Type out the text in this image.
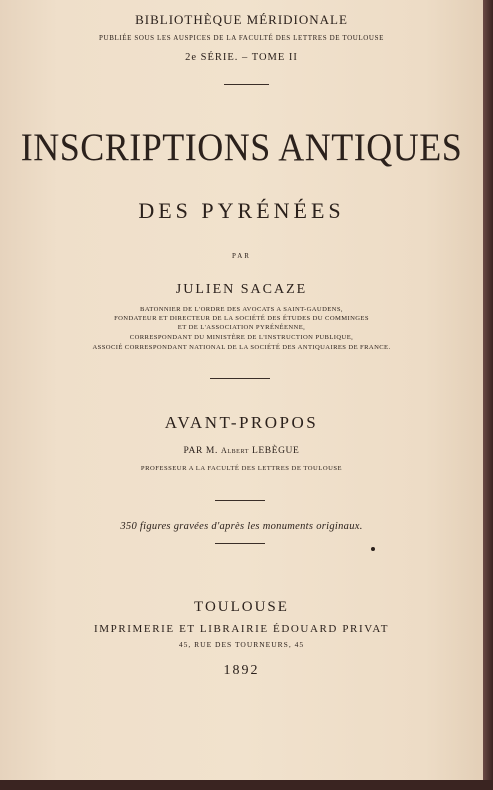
BIBLIOTHÈQUE MÉRIDIONALE
PUBLIÉE SOUS LES AUSPICES DE LA FACULTÉ DES LETTRES DE TOULOUSE
2e SÉRIE. – TOME II
INSCRIPTIONS ANTIQUES
DES PYRÉNÉES
PAR
JULIEN SACAZE
BATONNIER DE L'ORDRE DES AVOCATS A SAINT-GAUDENS,
FONDATEUR ET DIRECTEUR DE LA SOCIÉTÉ DES ÉTUDES DU COMMINGES
ET DE L'ASSOCIATION PYRÉNÉENNE,
CORRESPONDANT DU MINISTÈRE DE L'INSTRUCTION PUBLIQUE,
ASSOCIÉ CORRESPONDANT NATIONAL DE LA SOCIÉTÉ DES ANTIQUAIRES DE FRANCE.
AVANT-PROPOS
PAR M. Albert LEBÈGUE
PROFESSEUR A LA FACULTÉ DES LETTRES DE TOULOUSE
350 figures gravées d'après les monuments originaux.
TOULOUSE
IMPRIMERIE ET LIBRAIRIE ÉDOUARD PRIVAT
45, RUE DES TOURNEURS, 45
1892
